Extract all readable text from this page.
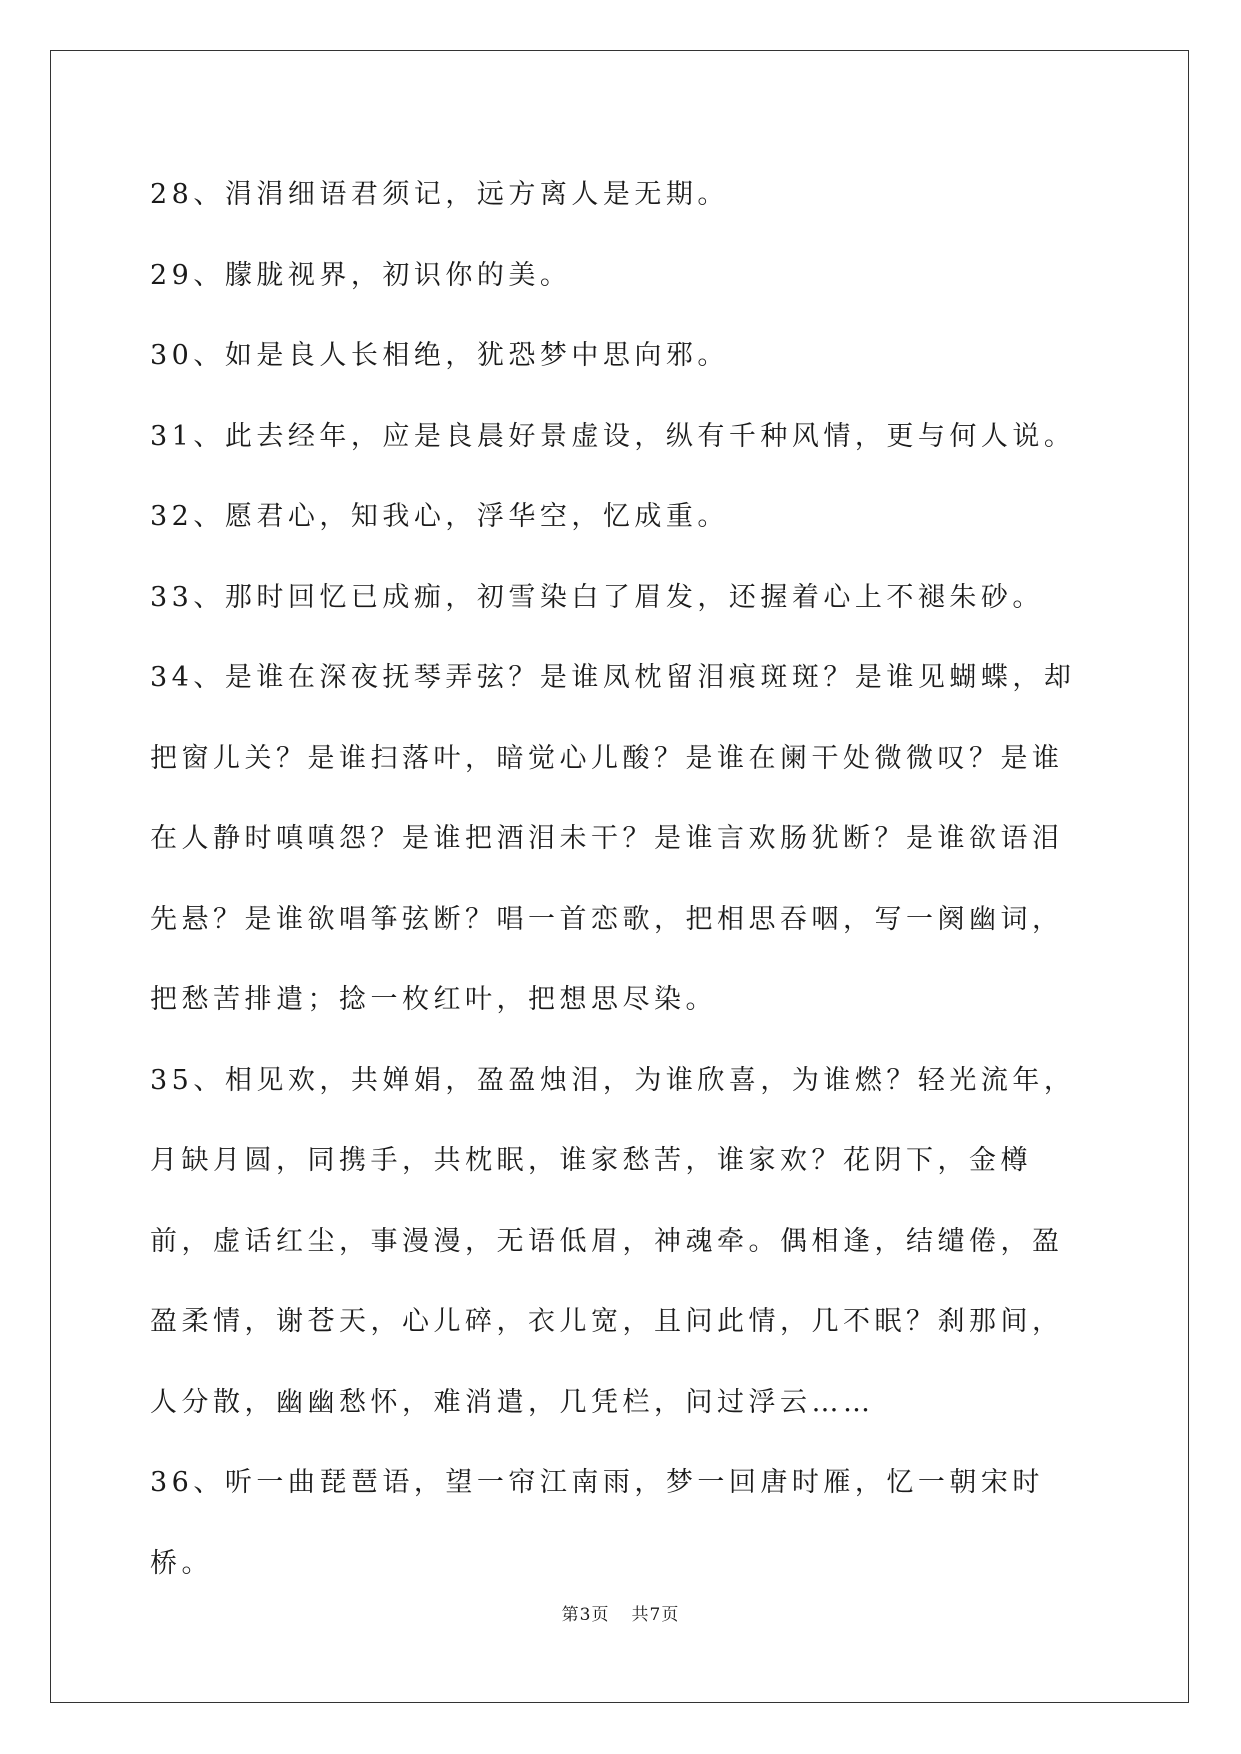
28、涓涓细语君须记，远方离人是无期。

29、朦胧视界，初识你的美。

30、如是良人长相绝，犹恐梦中思向邪。

31、此去经年，应是良晨好景虚设，纵有千种风情，更与何人说。

32、愿君心，知我心，浮华空，忆成重。

33、那时回忆已成痂，初雪染白了眉发，还握着心上不褪朱砂。

34、是谁在深夜抚琴弄弦？是谁凤枕留泪痕斑斑？是谁见蝴蝶，却把窗儿关？是谁扫落叶，暗觉心儿酸？是谁在阑干处微微叹？是谁在人静时嗔嗔怨？是谁把酒泪未干？是谁言欢肠犹断？是谁欲语泪先悬？是谁欲唱筝弦断？唱一首恋歌，把相思吞咽，写一阕幽词，把愁苦排遣；捻一枚红叶，把想思尽染。

35、相见欢，共婵娟，盈盈烛泪，为谁欣喜，为谁燃？轻光流年，月缺月圆，同携手，共枕眠，谁家愁苦，谁家欢？花阴下，金樽前，虚话红尘，事漫漫，无语低眉，神魂牵。偶相逢，结缱倦，盈盈柔情，谢苍天，心儿碎，衣儿宽，且问此情，几不眠？刹那间，人分散，幽幽愁怀，难消遣，几凭栏，问过浮云……

36、听一曲琵琶语，望一帘江南雨，梦一回唐时雁，忆一朝宋时桥。

第3页 共7页
